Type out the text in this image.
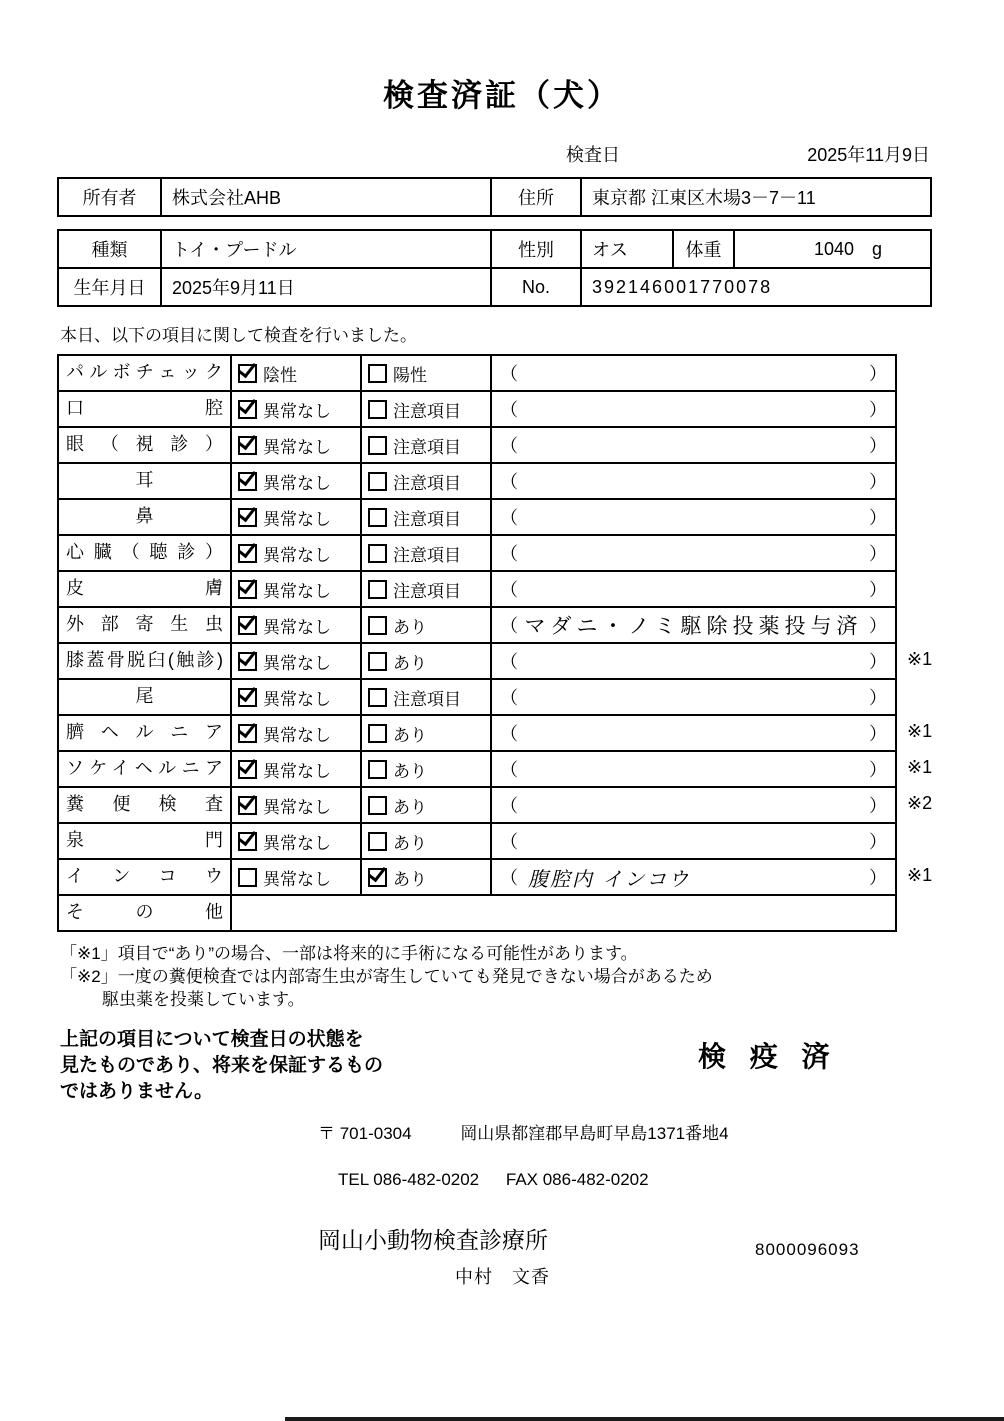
検査済証（犬）
検査日	2025年11月9日
所有者	株式会社AHB	住所	東京都 江東区木場3－7－11
種類	トイ・プードル	性別	オス	体重	1040 g

生年月日	2025年9月11日	No.	392146001770078		
本日、以下の項目に関して検査を行いました。
パルボチェック	陰性	陽性	（	）
口腔	異常なし	注意項目 （	）
眼（視診）	異常なし	注意項目 （	）
耳	異常なし	注意項目 （	）
鼻	異常なし	注意項目 （	）
心臓（聴診）	異常なし	注意項目 （	）
皮膚	異常なし	注意項目 （	）
外部寄生虫	異常なし	あり	（ マダニ・ノミ駆除投薬投与済 ）
膝蓋骨脱臼(触診)	異常なし	あり	（	） ※1
尾	異常なし	注意項目 （	）
臍ヘルニア	異常なし	あり	（	） ※1
ソケイヘルニア	異常なし	あり	（	） ※1
糞便検査	異常なし	あり	（	） ※2
泉門	異常なし	あり	（	）
インコウ	異常なし	あり	（ 腹腔内 インコウ	） ※1
その他
「※1」項目で“あり”の場合、一部は将来的に手術になる可能性があります。
「※2」一度の糞便検査では内部寄生虫が寄生していても発見できない場合があるため
駆虫薬を投薬しています。
上記の項目について検査日の状態を
見たものであり、将来を保証するもの
ではありません。
検 疫 済
〒 701-0304	岡山県都窪郡早島町早島1371番地4
TEL 086-482-0202 FAX 086-482-0202
岡山小動物検査診療所
中村　文香
8000096093
